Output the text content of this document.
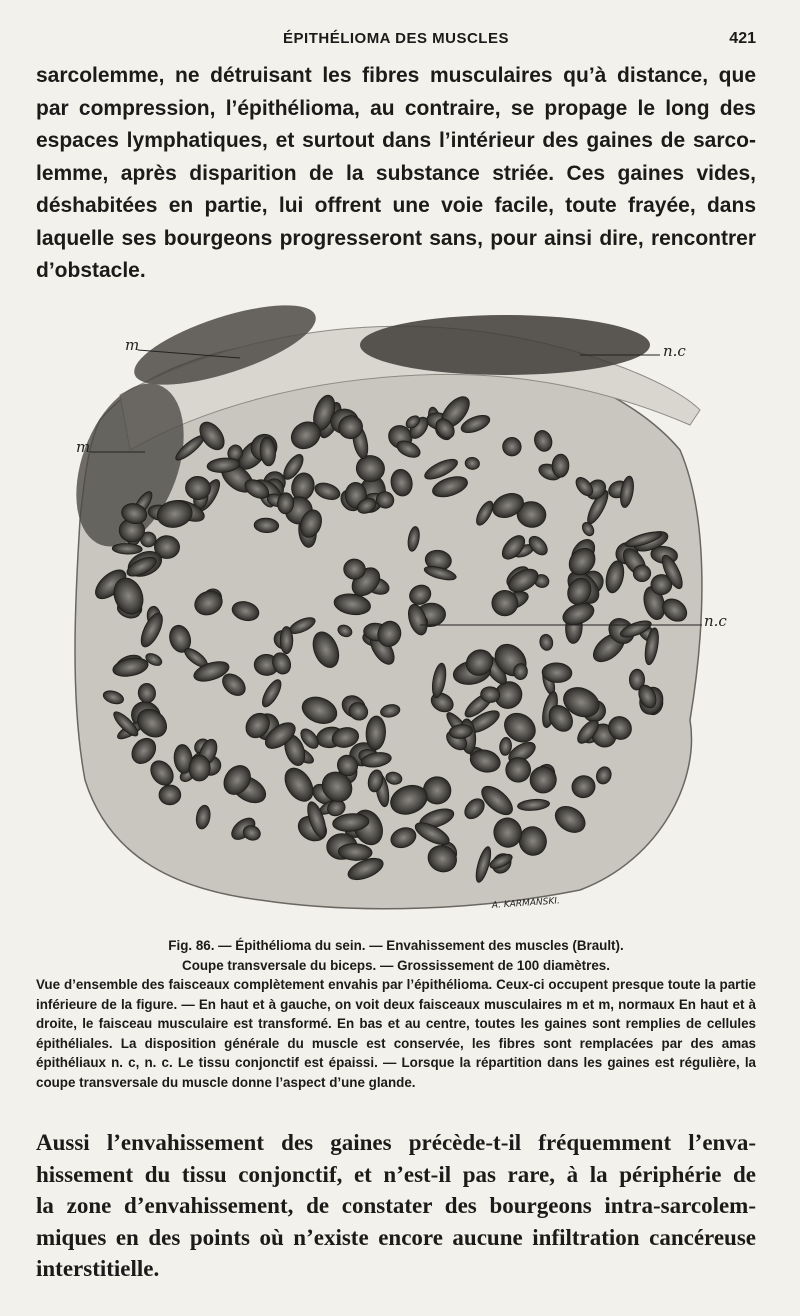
ÉPITHÉLIOMA DES MUSCLES	421
sarcolemme, ne détruisant les fibres musculaires qu’à distance, que
par compression, l’épithélioma, au contraire, se propage le long des
espaces lymphatiques, et surtout dans l’intérieur des gaines de sarco-
lemme, après disparition de la substance striée. Ces gaines vides,
déshabitées en partie, lui offrent une voie facile, toute frayée, dans
laquelle ses bourgeons progresseront sans, pour ainsi dire, rencontrer
d’obstacle.
m
m
n.c
n.c
A. KARMANSKI.
Fig. 86. — Épithélioma du sein. — Envahissement des muscles (Brault).
Coupe transversale du biceps. — Grossissement de 100 diamètres.
Vue d’ensemble des faisceaux complètement envahis par l’épithélioma. Ceux-ci occupent presque toute la partie inférieure de la figure. — En haut et à gauche, on voit deux faisceaux musculaires m et m, normaux En haut et à droite, le faisceau musculaire est transformé. En bas et au centre, toutes les gaines sont remplies de cellules épithéliales. La disposition générale du muscle est conservée, les fibres sont remplacées par des amas épithéliaux n. c, n. c. Le tissu conjonctif est épaissi. — Lorsque la répartition dans les gaines est régulière, la coupe transversale du muscle donne l’aspect d’une glande.
Aussi l’envahissement des gaines précède-t-il fréquemment l’enva-
hissement du tissu conjonctif, et n’est-il pas rare, à la périphérie de
la zone d’envahissement, de constater des bourgeons intra-sarcolem-
miques en des points où n’existe encore aucune infiltration cancéreuse
interstitielle.
